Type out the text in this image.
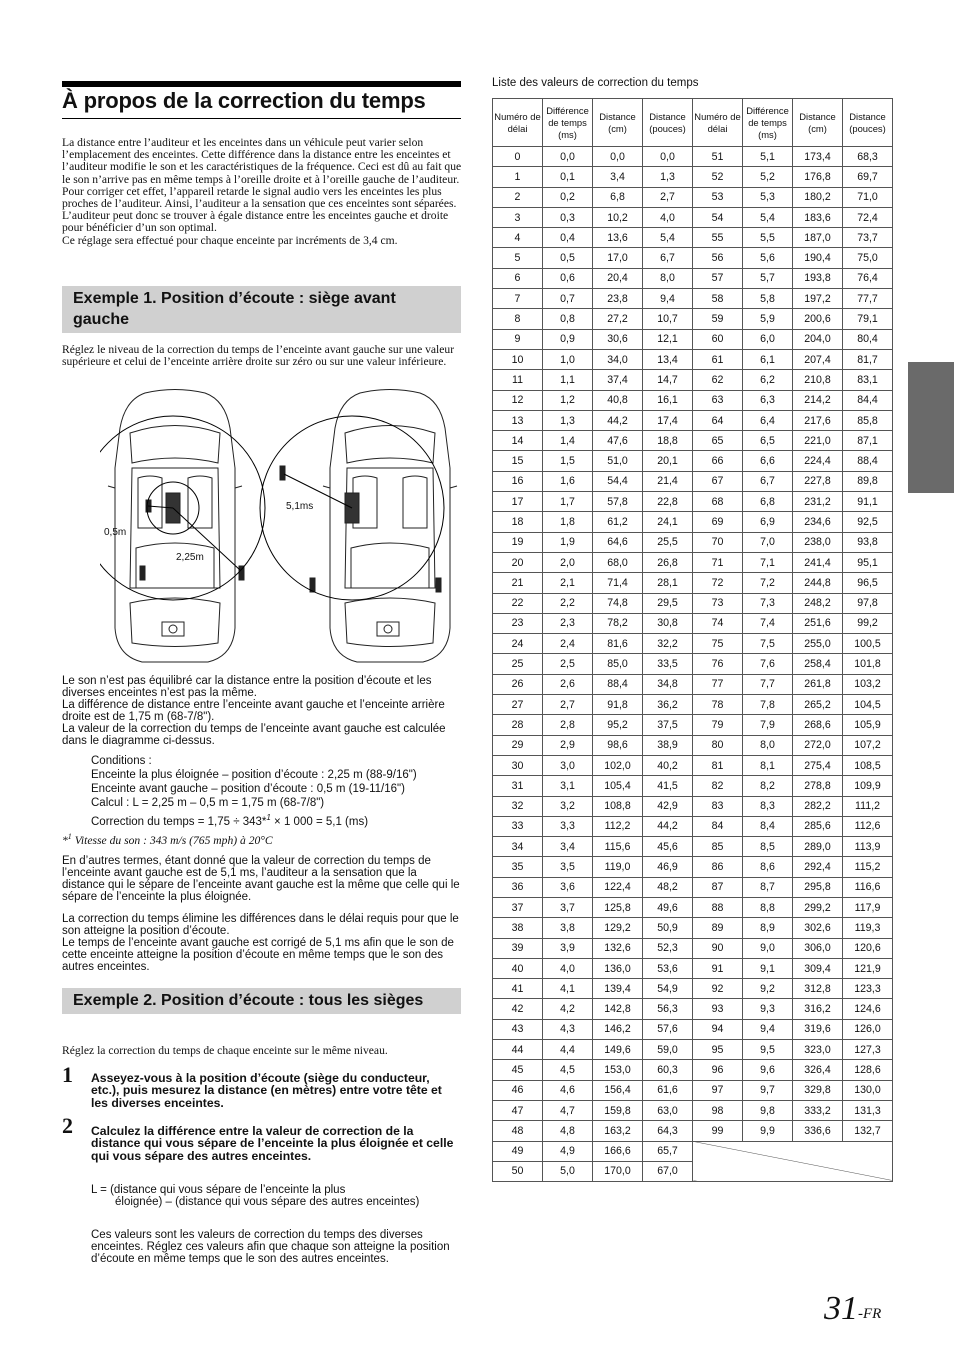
À propos de la correction du temps

La distance entre l’auditeur et les enceintes dans un véhicule peut varier selon l’emplacement des enceintes. Cette différence dans la distance entre les enceintes et l’auditeur modifie le son et les caractéristiques de la fréquence. Ceci est dû au fait que le son n’arrive pas en même temps à l’oreille droite et à l’oreille gauche de l’auditeur.

Pour corriger cet effet, l’appareil retarde le signal audio vers les enceintes les plus proches de l’auditeur. Ainsi, l’auditeur a la sensation que ces enceintes sont séparées. L’auditeur peut donc se trouver à égale distance entre les enceintes gauche et droite pour bénéficier d’un son optimal.

Ce réglage sera effectué pour chaque enceinte par incréments de 3,4 cm.

Exemple 1. Position d’écoute : siège avant gauche

Réglez le niveau de la correction du temps de l’enceinte avant gauche sur une valeur supérieure et celui de l’enceinte arrière droite sur zéro ou sur une valeur inférieure.

0,5m
2,25m
5,1ms

Le son n’est pas équilibré car la distance entre la position d’écoute et les diverses enceintes n’est pas la même.

La différence de distance entre l’enceinte avant gauche et l’enceinte arrière droite est de 1,75 m (68-7/8").

La valeur de la correction du temps de l’enceinte avant gauche est calculée dans le diagramme ci-dessus.

Conditions :

Enceinte la plus éloignée – position d’écoute : 2,25 m (88-9/16")

Enceinte avant gauche – position d’écoute : 0,5 m (19-11/16")

Calcul : L = 2,25 m – 0,5 m = 1,75 m (68-7/8")

Correction du temps = 1,75 ÷ 343*$^1$ × 1 000 = 5,1 (ms)

*$^1$ Vitesse du son : 343 m/s (765 mph) à 20°C

En d’autres termes, étant donné que la valeur de correction du temps de l’enceinte avant gauche est de 5,1 ms, l’auditeur a la sensation que la distance qui le sépare de l’enceinte avant gauche est la même que celle qui le sépare de l’enceinte la plus éloignée.

La correction du temps élimine les différences dans le délai requis pour que le son atteigne la position d’écoute.

Le temps de l’enceinte avant gauche est corrigé de 5,1 ms afin que le son de cette enceinte atteigne la position d’écoute en même temps que le son des autres enceintes.

Exemple 2. Position d’écoute : tous les sièges

Réglez la correction du temps de chaque enceinte sur le même niveau.

1 Asseyez-vous à la position d’écoute (siège du conducteur, etc.), puis mesurez la distance (en mètres) entre votre tête et les diverses enceintes.
2 Calculez la différence entre la valeur de correction de la distance qui vous sépare de l’enceinte la plus éloignée et celle qui vous sépare des autres enceintes.

L = (distance qui vous sépare de l’enceinte la plus

éloignée) – (distance qui vous sépare des autres enceintes)

Ces valeurs sont les valeurs de correction du temps des diverses enceintes. Réglez ces valeurs afin que chaque son atteigne la position d’écoute en même temps que le son des autres enceintes.

Liste des valeurs de correction du temps
Numéro de délai	Différence de temps (ms)	Distance (cm)	Distance (pouces)	Numéro de délai	Différence de temps (ms)	Distance (cm)	Distance (pouces)
0	0,0	0,0	0,0	51	5,1	173,4	68,3
1	0,1	3,4	1,3	52	5,2	176,8	69,7
2	0,2	6,8	2,7	53	5,3	180,2	71,0
3	0,3	10,2	4,0	54	5,4	183,6	72,4
4	0,4	13,6	5,4	55	5,5	187,0	73,7
5	0,5	17,0	6,7	56	5,6	190,4	75,0
6	0,6	20,4	8,0	57	5,7	193,8	76,4
7	0,7	23,8	9,4	58	5,8	197,2	77,7
8	0,8	27,2	10,7	59	5,9	200,6	79,1
9	0,9	30,6	12,1	60	6,0	204,0	80,4
10	1,0	34,0	13,4	61	6,1	207,4	81,7
11	1,1	37,4	14,7	62	6,2	210,8	83,1
12	1,2	40,8	16,1	63	6,3	214,2	84,4
13	1,3	44,2	17,4	64	6,4	217,6	85,8
14	1,4	47,6	18,8	65	6,5	221,0	87,1
15	1,5	51,0	20,1	66	6,6	224,4	88,4
16	1,6	54,4	21,4	67	6,7	227,8	89,8
17	1,7	57,8	22,8	68	6,8	231,2	91,1
18	1,8	61,2	24,1	69	6,9	234,6	92,5
19	1,9	64,6	25,5	70	7,0	238,0	93,8
20	2,0	68,0	26,8	71	7,1	241,4	95,1
21	2,1	71,4	28,1	72	7,2	244,8	96,5
22	2,2	74,8	29,5	73	7,3	248,2	97,8
23	2,3	78,2	30,8	74	7,4	251,6	99,2
24	2,4	81,6	32,2	75	7,5	255,0	100,5
25	2,5	85,0	33,5	76	7,6	258,4	101,8
26	2,6	88,4	34,8	77	7,7	261,8	103,2
27	2,7	91,8	36,2	78	7,8	265,2	104,5
28	2,8	95,2	37,5	79	7,9	268,6	105,9
29	2,9	98,6	38,9	80	8,0	272,0	107,2
30	3,0	102,0	40,2	81	8,1	275,4	108,5
31	3,1	105,4	41,5	82	8,2	278,8	109,9
32	3,2	108,8	42,9	83	8,3	282,2	111,2
33	3,3	112,2	44,2	84	8,4	285,6	112,6
34	3,4	115,6	45,6	85	8,5	289,0	113,9
35	3,5	119,0	46,9	86	8,6	292,4	115,2
36	3,6	122,4	48,2	87	8,7	295,8	116,6
37	3,7	125,8	49,6	88	8,8	299,2	117,9
38	3,8	129,2	50,9	89	8,9	302,6	119,3
39	3,9	132,6	52,3	90	9,0	306,0	120,6
40	4,0	136,0	53,6	91	9,1	309,4	121,9
41	4,1	139,4	54,9	92	9,2	312,8	123,3
42	4,2	142,8	56,3	93	9,3	316,2	124,6
43	4,3	146,2	57,6	94	9,4	319,6	126,0
44	4,4	149,6	59,0	95	9,5	323,0	127,3
45	4,5	153,0	60,3	96	9,6	326,4	128,6
46	4,6	156,4	61,6	97	9,7	329,8	130,0
47	4,7	159,8	63,0	98	9,8	333,2	131,3
48	4,8	163,2	64,3	99	9,9	336,6	132,7
49	4,9	166,6	65,7				
50	5,0	170,0	67,0				
31 -FR
